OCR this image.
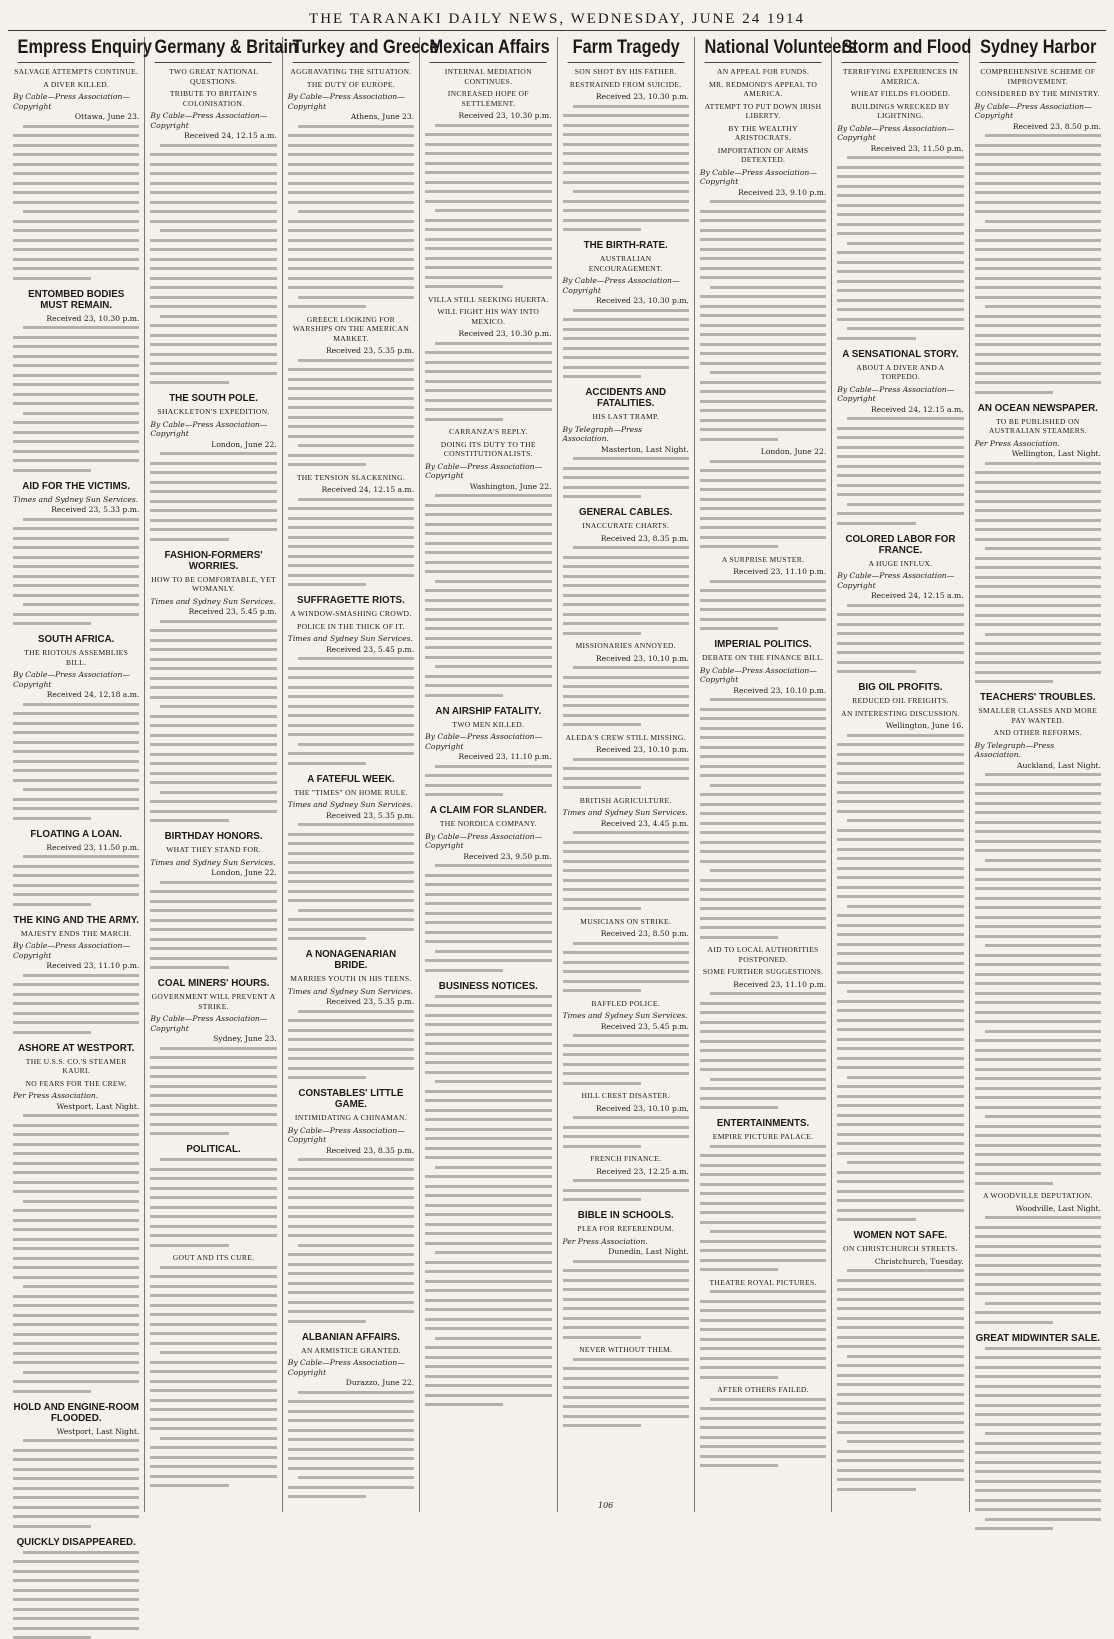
THE TARANAKI DAILY NEWS, WEDNESDAY, JUNE 24 1914
Empress Enquiry
SALVAGE ATTEMPTS CONTINUE.
A DIVER KILLED.
By Cable—Press Association—Copyright
Ottawa, June 23.
ENTOMBED BODIES MUST REMAIN.
Received 23, 10.30 p.m.
AID FOR THE VICTIMS.
Times and Sydney Sun Services.
Received 23, 5.33 p.m.
SOUTH AFRICA.
THE RIOTOUS ASSEMBLIES BILL.
By Cable—Press Association—Copyright
Received 24, 12.18 a.m.
FLOATING A LOAN.
Received 23, 11.50 p.m.
THE KING AND THE ARMY.
MAJESTY ENDS THE MARCH.
By Cable—Press Association—Copyright
Received 23, 11.10 p.m.
ASHORE AT WESTPORT.
THE U.S.S. CO.'S STEAMER KAURI.
NO FEARS FOR THE CREW.
Per Press Association.
Westport, Last Night.
HOLD AND ENGINE-ROOM FLOODED.
Westport, Last Night.
QUICKLY DISAPPEARED.
Germany & Britain
TWO GREAT NATIONAL QUESTIONS.
TRIBUTE TO BRITAIN'S COLONISATION.
By Cable—Press Association—Copyright
Received 24, 12.15 a.m.
THE SOUTH POLE.
SHACKLETON'S EXPEDITION.
By Cable—Press Association—Copyright
London, June 22.
FASHION-FORMERS' WORRIES.
HOW TO BE COMFORTABLE, YET WOMANLY.
Times and Sydney Sun Services.
Received 23, 5.45 p.m.
BIRTHDAY HONORS.
WHAT THEY STAND FOR.
Times and Sydney Sun Services.
London, June 22.
COAL MINERS' HOURS.
GOVERNMENT WILL PREVENT A STRIKE.
By Cable—Press Association—Copyright
Sydney, June 23.
POLITICAL.
GOUT AND ITS CURE.
Turkey and Greece
AGGRAVATING THE SITUATION.
THE DUTY OF EUROPE.
By Cable—Press Association—Copyright
Athens, June 23.
GREECE LOOKING FOR WARSHIPS ON THE AMERICAN MARKET.
Received 23, 5.35 p.m.
THE TENSION SLACKENING.
Received 24, 12.15 a.m.
SUFFRAGETTE RIOTS.
A WINDOW-SMASHING CROWD.
POLICE IN THE THICK OF IT.
Times and Sydney Sun Services.
Received 23, 5.45 p.m.
A FATEFUL WEEK.
THE "TIMES" ON HOME RULE.
Times and Sydney Sun Services.
Received 23, 5.35 p.m.
A NONAGENARIAN BRIDE.
MARRIES YOUTH IN HIS TEENS.
Times and Sydney Sun Services.
Received 23, 5.35 p.m.
CONSTABLES' LITTLE GAME.
INTIMIDATING A CHINAMAN.
By Cable—Press Association—Copyright
Received 23, 8.35 p.m.
ALBANIAN AFFAIRS.
AN ARMISTICE GRANTED.
By Cable—Press Association—Copyright
Durazzo, June 22.
Mexican Affairs
INTERNAL MEDIATION CONTINUES.
INCREASED HOPE OF SETTLEMENT.
Received 23, 10.30 p.m.
VILLA STILL SEEKING HUERTA.
WILL FIGHT HIS WAY INTO MEXICO.
Received 23, 10.30 p.m.
CARRANZA'S REPLY.
DOING ITS DUTY TO THE CONSTITUTIONALISTS.
By Cable—Press Association—Copyright
Washington, June 22.
AN AIRSHIP FATALITY.
TWO MEN KILLED.
By Cable—Press Association—Copyright
Received 23, 11.10 p.m.
A CLAIM FOR SLANDER.
THE NORDICA COMPANY.
By Cable—Press Association—Copyright
Received 23, 9.50 p.m.
BUSINESS NOTICES.
Farm Tragedy
SON SHOT BY HIS FATHER.
RESTRAINED FROM SUICIDE.
Received 23, 10.30 p.m.
THE BIRTH-RATE.
AUSTRALIAN ENCOURAGEMENT.
By Cable—Press Association—Copyright
Received 23, 10.30 p.m.
ACCIDENTS AND FATALITIES.
HIS LAST TRAMP.
By Telegraph—Press Association.
Masterton, Last Night.
GENERAL CABLES.
INACCURATE CHARTS.
Received 23, 8.35 p.m.
MISSIONARIES ANNOYED.
Received 23, 10.10 p.m.
ALEDA'S CREW STILL MISSING.
Received 23, 10.10 p.m.
BRITISH AGRICULTURE.
Times and Sydney Sun Services.
Received 23, 4.45 p.m.
MUSICIANS ON STRIKE.
Received 23, 8.50 p.m.
BAFFLED POLICE.
Times and Sydney Sun Services.
Received 23, 5.45 p.m.
HILL CREST DISASTER.
Received 23, 10.10 p.m.
FRENCH FINANCE.
Received 23, 12.25 a.m.
BIBLE IN SCHOOLS.
PLEA FOR REFERENDUM.
Per Press Association.
Dunedin, Last Night.
NEVER WITHOUT THEM.
National Volunteers
AN APPEAL FOR FUNDS.
MR. REDMOND'S APPEAL TO AMERICA.
ATTEMPT TO PUT DOWN IRISH LIBERTY.
BY THE WEALTHY ARISTOCRATS.
IMPORTATION OF ARMS DETEXTED.
By Cable—Press Association—Copyright
Received 23, 9.10 p.m.
London, June 22.
A SURPRISE MUSTER.
Received 23, 11.10 p.m.
IMPERIAL POLITICS.
DEBATE ON THE FINANCE BILL.
By Cable—Press Association—Copyright
Received 23, 10.10 p.m.
AID TO LOCAL AUTHORITIES POSTPONED.
SOME FURTHER SUGGESTIONS.
Received 23, 11.10 p.m.
ENTERTAINMENTS.
EMPIRE PICTURE PALACE.
THEATRE ROYAL PICTURES.
AFTER OTHERS FAILED.
Storm and Flood
TERRIFYING EXPERIENCES IN AMERICA.
WHEAT FIELDS FLOODED.
BUILDINGS WRECKED BY LIGHTNING.
By Cable—Press Association—Copyright
Received 23, 11.50 p.m.
A SENSATIONAL STORY.
ABOUT A DIVER AND A TORPEDO.
By Cable—Press Association—Copyright
Received 24, 12.15 a.m.
COLORED LABOR FOR FRANCE.
A HUGE INFLUX.
By Cable—Press Association—Copyright
Received 24, 12.15 a.m.
BIG OIL PROFITS.
REDUCED OIL FREIGHTS.
AN INTERESTING DISCUSSION.
Wellington, June 16.
WOMEN NOT SAFE.
ON CHRISTCHURCH STREETS.
Christchurch, Tuesday.
Sydney Harbor
COMPREHENSIVE SCHEME OF IMPROVEMENT.
CONSIDERED BY THE MINISTRY.
By Cable—Press Association—Copyright
Received 23, 8.50 p.m.
AN OCEAN NEWSPAPER.
TO BE PUBLISHED ON AUSTRALIAN STEAMERS.
Per Press Association.
Wellington, Last Night.
TEACHERS' TROUBLES.
SMALLER CLASSES AND MORE PAY WANTED.
AND OTHER REFORMS.
By Telegraph—Press Association.
Auckland, Last Night.
A WOODVILLE DEPUTATION.
Woodville, Last Night.
GREAT MIDWINTER SALE.
106
